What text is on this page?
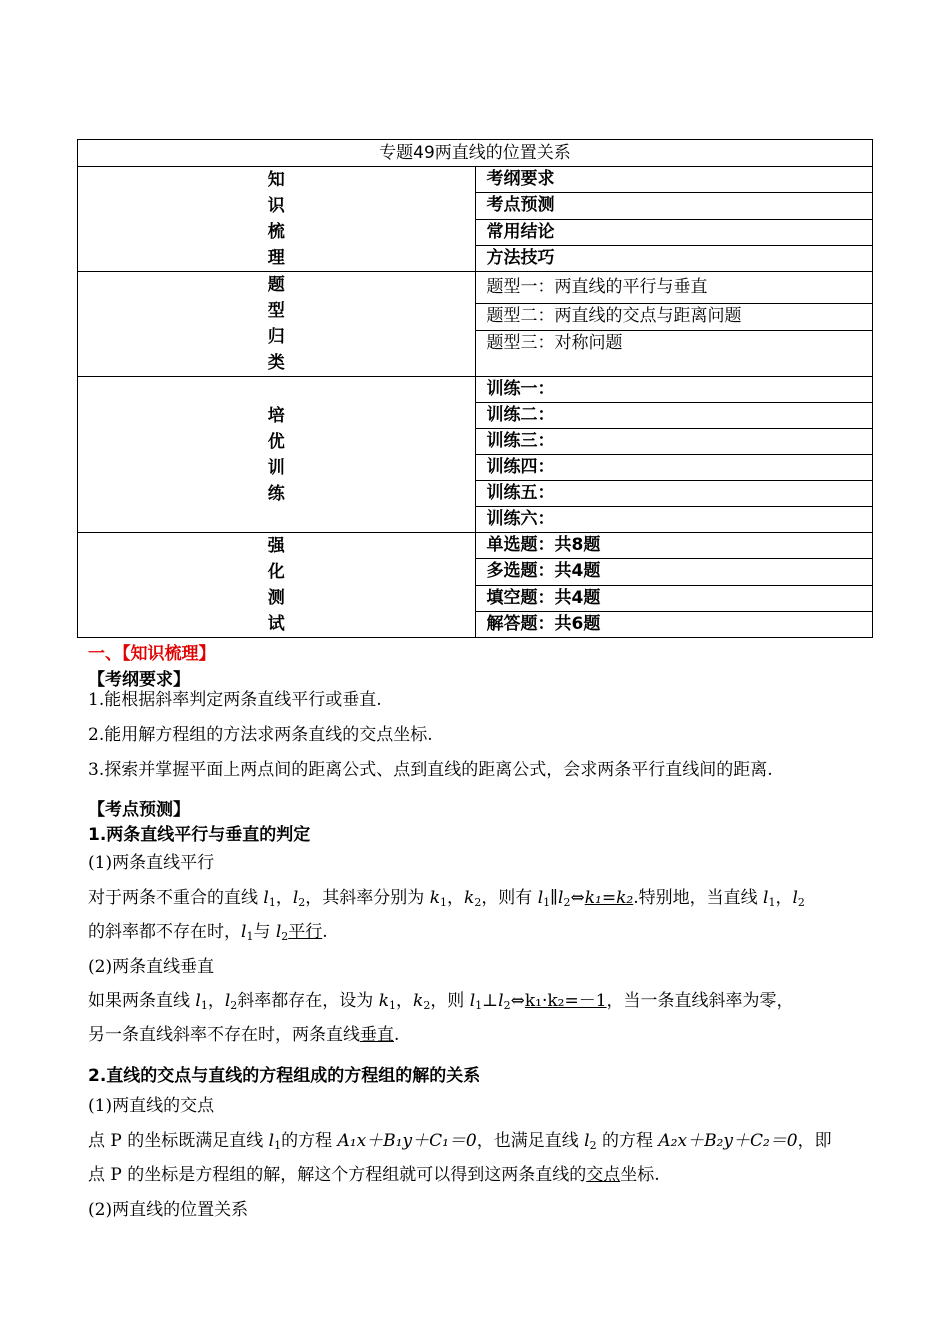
专题49两直线的位置关系	

知
识
梳
理	考纲要求
	考点预测
	常用结论
	方法技巧

题
型
归
类	题型一：两直线的平行与垂直
	题型二：两直线的交点与距离问题
	题型三：对称问题

培
优
训
练	训练一：
	训练二：
	训练三：
	训练四：
	训练五：
	训练六：

强
化
测
试	单选题：共8题
	多选题：共4题
	填空题：共4题
	解答题：共6题
一、【知识梳理】
【考纲要求】
1.能根据斜率判定两条直线平行或垂直.
2.能用解方程组的方法求两条直线的交点坐标.
3.探索并掌握平面上两点间的距离公式、点到直线的距离公式，会求两条平行直线间的距离.
【考点预测】
1.两条直线平行与垂直的判定
(1)两条直线平行
对于两条不重合的直线 $l_1$，$l_2$，其斜率分别为 $k_1$，$k_2$，则有 $l_1\parallel l_2\Leftrightarrow k_1=k_2$.特别地，当直线 $l_1$，$l_2$
的斜率都不存在时，$l_1$与 $l_2$平行.
(2)两条直线垂直
如果两条直线 $l_1$，$l_2$斜率都存在，设为 $k_1$，$k_2$，则 $l_1\perp l_2\Leftrightarrow k_1\cdot k_2=-1$，当一条直线斜率为零，
另一条直线斜率不存在时，两条直线垂直.
2.直线的交点与直线的方程组成的方程组的解的关系
(1)两直线的交点
点 P 的坐标既满足直线 $l_1$的方程 A₁x＋B₁y＋C₁＝0，也满足直线 $l_2$ 的方程 A₂x＋B₂y＋C₂＝0，即
点 P 的坐标是方程组的解，解这个方程组就可以得到这两条直线的交点坐标.
(2)两直线的位置关系
